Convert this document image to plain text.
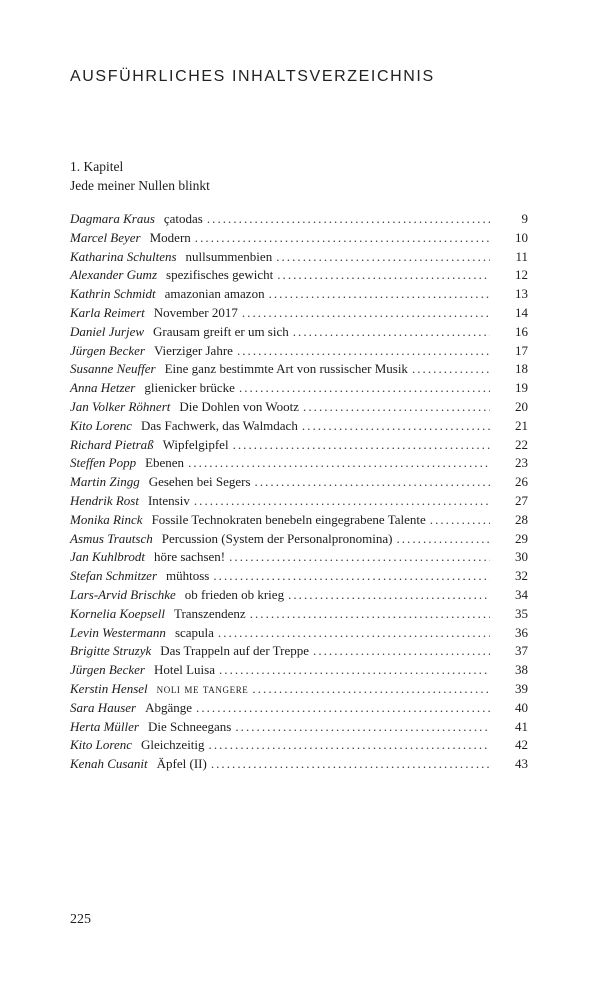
AUSFÜHRLICHES INHALTSVERZEICHNIS
1. Kapitel
Jede meiner Nullen blinkt
Dagmara Kraus çatodas . . .	9
Marcel Beyer Modern . . .	10
Katharina Schultens nullsummenbien . . .	11
Alexander Gumz spezifisches gewicht . . .	12
Kathrin Schmidt amazonian amazon . . .	13
Karla Reimert November 2017 . . .	14
Daniel Jurjew Grausam greift er um sich . . .	16
Jürgen Becker Vierziger Jahre . . .	17
Susanne Neuffer Eine ganz bestimmte Art von russischer Musik . . .	18
Anna Hetzer glienicker brücke . . .	19
Jan Volker Röhnert Die Dohlen von Wootz . . .	20
Kito Lorenc Das Fachwerk, das Walmdach . . .	21
Richard Pietraß Wipfelgipfel . . .	22
Steffen Popp Ebenen . . .	23
Martin Zingg Gesehen bei Segers . . .	26
Hendrik Rost Intensiv . . .	27
Monika Rinck Fossile Technokraten benebeln eingegrabene Talente . . .	28
Asmus Trautsch Percussion (System der Personalpronomina) . . .	29
Jan Kuhlbrodt höre sachsen! . . .	30
Stefan Schmitzer mühtoss . . .	32
Lars-Arvid Brischke ob frieden ob krieg . . .	34
Kornelia Koepsell Transzendenz . . .	35
Levin Westermann scapula . . .	36
Brigitte Struzyk Das Trappeln auf der Treppe . . .	37
Jürgen Becker Hotel Luisa . . .	38
Kerstin Hensel noli me tangere . . .	39
Sara Hauser Abgänge . . .	40
Herta Müller Die Schneegans . . .	41
Kito Lorenc Gleichzeitig . . .	42
Kenah Cusanit Äpfel (II) . . .	43
225
